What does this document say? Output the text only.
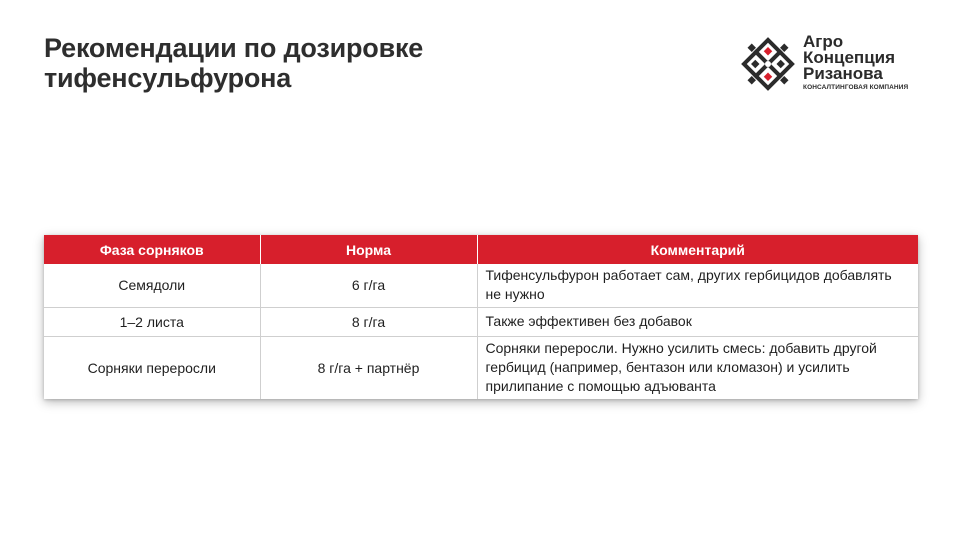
Рекомендации по дозировке
тифенсульфурона
Агро
Концепция
Ризанова
КОНСАЛТИНГОВАЯ КОМПАНИЯ
Фаза сорняков	Норма	Комментарий
Семядоли	6 г/га	Тифенсульфурон работает сам, других гербицидов добавлять не нужно
1–2 листа	8 г/га	Также эффективен без добавок
Сорняки переросли	8 г/га + партнёр	Сорняки переросли. Нужно усилить смесь: добавить другой гербицид (например, бентазон или кломазон) и усилить прилипание с помощью адъюванта
